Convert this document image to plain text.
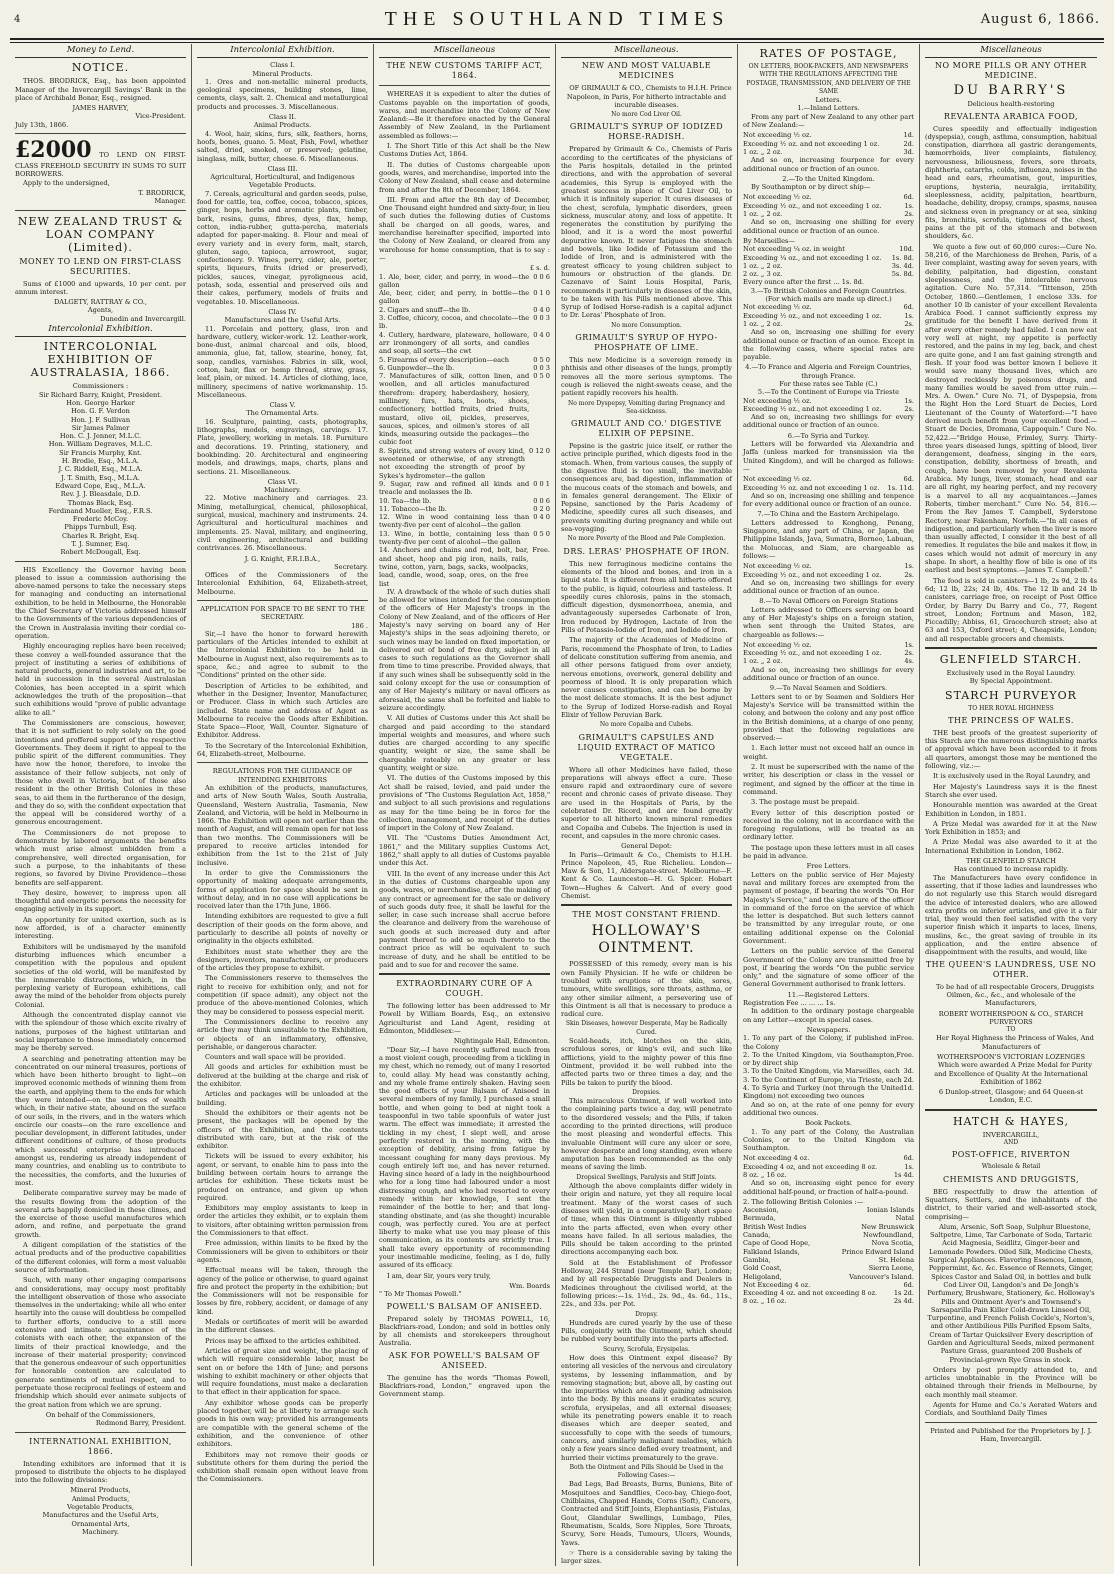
4	THE SOUTHLAND TIMES	August 6, 1866.
Money to Lend.
NOTICE.

THOS. BRODRICK, Esq., has been appointed Manager of the Invercargill Savings' Bank in the place of Archibald Bonar, Esq., resigned.

JAMES HARVEY,
Vice-President.
July 13th, 1866.
£2000 TO LEND ON FIRST-CLASS FREEHOLD SECURITY IN SUMS TO SUIT BORROWERS.

Apply to the undersigned,

T. BRODRICK,
Manager.
NEW ZEALAND TRUST & LOAN COMPANY (Limited).
MONEY TO LEND ON FIRST-CLASS SECURITIES.

Sums of £1000 and upwards, 10 per cent. per annum interest.

DALGETY, RATTRAY & CO.,
Agents,
Dunedin and Invercargill.
Intercolonial Exhibition.
INTERCOLONIAL EXHIBITION OF AUSTRALASIA, 1866.
Commissioners :
Sir Richard Barry, Knight, President.
Hon. George Harker
Hon. G. F. Verdon
Hon. J. F. Sullivan
Sir James Palmer
Hon. C. J. Jenner, M.L.C.
Hon. William Degraves, M.L.C.
Sir Francis Murphy, Knt.
H. Brodie, Esq., M.L.A.
J. C. Riddell, Esq., M.L.A.
J. T. Smith, Esq., M.L.A.
Edward Cope, Esq., M.L.A.
Rev. J. J. Bleasdale, D.D.
Thomas Black, Esq.
Ferdinand Mueller, Esq., F.R.S.
Frederic McCoy.
Phipps Turnbull, Esq.
Charles R. Bright, Esq.
T. J. Sumner, Esq.
Robert McDougall, Esq.

HIS Excellency the Governor having been pleased to issue a commission authorising the above-named persons to take the necessary steps for managing and conducting an international exhibition, to be held in Melbourne, the Honorable the Chief Secretary of Victoria addressed himself to the Governments of the various dependencies of the Crown in Australasia inviting their cordial co-operation.

Highly encouraging replies have been received; these convey a well-founded assurance that the project of instituting a series of exhibitions of natural products, general industries and art, to be held in succession in the several Australasian Colonies, has been accepted in a spirit which acknowledges the truth of the proposition—that such exhibitions would "prove of public advantage alike to all."

The Commissioners are conscious, however, that it is not sufficient to rely solely on the good intentions and proffered support of the respective Governments. They deem it right to appeal to the public spirit of the different communities. They have now the honor, therefore, to invoke the assistance of their fellow subjects, not only of those who dwell in Victoria, but of those also resident in the other British Colonies in these seas, to aid them in the furtherance of the design, and they do so, with the confident expectation that the appeal will be considered worthy of a generous encouragement.

The Commissioners do not propose to demonstrate by labored arguments the benefits which must arise almost unbidden from a comprehensive, well directed organisation, for such a purpose, to the inhabitants of these regions, so favored by Divine Providence—those benefits are self-apparent.

They desire, however, to impress upon all thoughtful and energetic persons the necessity for engaging actively in its support.

An opportunity for united exertion, such as is now afforded, is of a character eminently interesting.

Exhibitors will be undismayed by the manifold disturbing influences which encumber a competition with the populous and opulent societies of the old world, will be manifested by the innumerable distractions, which, in the perplexing variety of European exhibitions, call away the mind of the beholder from objects purely Colonial.

Although the concentrated display cannot vie with the splendour of those which excite rivalry of nations, purposes of the highest utilitarian and social importance to those immediately concerned may be thereby served.

A searching and penetrating attention may be concentrated on our mineral treasures, portions of which have been hitherto brought to light—on improved economic methods of winning them from the earth, and applying them to the ends for which they were intended—on the sources of wealth which, in their native state, abound on the surface of our soils, in the rivers, and in the waters which encircle our coasts—on the rare excellence and peculiar development, in different latitudes, under different conditions of culture, of those products which successful enterprise has introduced amongst us, rendering us already independent of many countries, and enabling us to contribute to the necessities, the comforts, and the luxuries of most.

Deliberate comparative survey may be made of the results flowing from the adoption of the several arts happily domiciled in these climes, and the exercise of those useful manufactures which adorn, and refine, and perpetuate the grand growth.

A diligent compilation of the statistics of the actual products and of the productive capabilities of the different colonies, will form a most valuable source of information.

Such, with many other engaging comparisons and considerations, may occupy most profitably the intelligent observation of those who associate themselves in the undertaking; while all who enter heartily into the cause will doubtless be compelled to further efforts, conducive to a still more extensive and intimate acquaintance of the colonists with each other, the expansion of the limits of their practical knowledge, and the increase of their material prosperity; convinced that the generous endeavour of such opportunities for honorable contention are calculated to generate sentiments of mutual respect, and to perpetuate those reciprocal feelings of esteem and friendship which should ever animate subjects of the great nation from which we are sprung.

On behalf of the Commissioners,
Redmond Barry, President.
INTERNATIONAL EXHIBITION, 1866.

Intending exhibitors are informed that it is proposed to distribute the objects to be displayed into the following divisions:

Mineral Products,
Animal Products,
Vegetable Products,
Manufactures and the Useful Arts,
Ornamental Arts,
Machinery.
Intercolonial Exhibition.
Class I.
Mineral Products.

1. Ores and non-metallic mineral products, geological specimens, building stones, lime, cements, clays, salt. 2. Chemical and metallurgical products and processes. 3. Miscellaneous.

Class II.
Animal Products.

4. Wool, hair, skins, furs, silk, feathers, horns, hoofs, bones, guano. 5. Meat, Fish, Fowl, whether salted, dried, smoked, or preserved; gelatine, isinglass, milk, butter, cheese. 6. Miscellaneous.

Class III.
Agricultural, Horticultural, and Indigenous Vegetable Products.

7. Cereals, agricultural and garden seeds, pulse, food for cattle, tea, coffee, cocoa, tobacco, spices, ginger, hops, herbs and aromatic plants, timber, bark, resins, gums, fibres, dyes, flax, hemp, cotton, india-rubber, gutta-percha, materials adapted for paper-making. 8. Flour and meal of every variety and in every form, malt, starch, gluten, sago, tapioca, arrowroot, sugar, confectionery. 9. Wines, perry, cider, ale, porter, spirits, liqueurs, fruits (dried or preserved), pickles, sauces, vinegar, pyroligneous acid, potash, soda, essential and preserved oils and their cakes, perfumery, models of fruits and vegetables. 10. Miscellaneous.

Class IV.
Manufactures and the Useful Arts.

11. Porcelain and pottery, glass, iron and hardware, cutlery, wicker-work. 12. Leather-work, bone-dust, animal charcoal and oils, blood, ammonia, glue, fat, tallow, stearine, honey, fat, soap, candles, varnishes. Fabrics in silk, wool, cotton, hair, flax or hemp thread, straw, grass, leaf, plain, or mixed. 14. Articles of clothing, lace, millinery, specimens of native workmanship. 15. Miscellaneous.

Class V.
The Ornamental Arts.

16. Sculpture, painting, casts, photographs, lithographs, models, engravings, carvings. 17. Plate, jewellery, working in metals. 18. Furniture and decorations. 19. Printing, stationery, and bookbinding. 20. Architectural and engineering models, and drawings, maps, charts, plans and sections. 21. Miscellaneous.

Class VI.
Machinery.

22. Motive machinery and carriages. 23. Mining, metallurgical, chemical, philosophical, surgical, musical, machinery and instruments. 24. Agricultural and horticultural machines and implements. 25. Naval, military, and engineering, civil engineering, architectural and building contrivances. 26. Miscellaneous.

J. G. Knight, F.R.I.B.A.,
Secretary.

Offices of the Commissioners of the Intercolonial Exhibition, 64, Elizabeth-street, Melbourne.

APPLICATION FOR SPACE TO BE SENT TO THE SECRETARY.
186 .

Sir,—I have the honor to forward herewith particulars of the Articles intended to exhibit at the Intercolonial Exhibition to be held in Melbourne in August next, also requirements as to space, &c.; and agree to submit to the "Conditions" printed on the other side.

Description of Articles to be exhibited, and whether in the Designer, Inventor, Manufacturer, or Producer. Class in which such Articles are included. State name and address of Agent as Melbourne to receive the Goods after Exhibition. State Space—Floor, Wall, Counter. Signature of Exhibitor. Address.

To the Secretary of the Intercolonial Exhibition, 64, Elizabeth-street, Melbourne.

REGULATIONS FOR THE GUIDANCE OF INTENDING EXHIBITORS

An exhibition of the products, manufactures, and arts of New South Wales, South Australia, Queensland, Western Australia, Tasmania, New Zealand, and Victoria, will be held in Melbourne in 1866. The Exhibition will open not earlier than the month of August, and will remain open for not less than two months. The Commissioners will be prepared to receive articles intended for exhibition from the 1st to the 21st of July inclusive.

In order to give the Commissioners the opportunity of making adequate arrangements, forms of application for space should be sent in without delay, and in no case will applications be received later than the 17th June, 1866.

Intending exhibitors are requested to give a full description of their goods on the form above, and particularly to describe all points of novelty or originality in the objects exhibited.

Exhibitors must state whether they are the designers, inventors, manufacturers, or producers of the articles they propose to exhibit.

The Commissioners reserve to themselves the right to receive for exhibition only, and not for competition (if space admit), any object not the produce of the above-mentioned Colonies, which they may be considered to possess especial merit.

The Commissioners decline to receive any article they may think unsuitable to the Exhibition, or objects of an inflammatory, offensive, perishable, or dangerous character.

Counters and wall space will be provided.

All goods and articles for exhibition must be delivered at the building at the charge and risk of the exhibitor.

Articles and packages will be unloaded at the building.

Should the exhibitors or their agents not be present, the packages will be opened by the officers of the Exhibition, and the contents distributed with care, but at the risk of the exhibitor.

Tickets will be issued to every exhibitor, his agent, or servant, to enable him to pass into the building between certain hours to arrange the articles for exhibition. These tickets must be produced on entrance, and given up when required.

Exhibitors may employ assistants to keep in order the articles they exhibit, or to explain them to visitors, after obtaining written permission from the Commissioners to that effect.

Free admission, within limits to be fixed by the Commissioners will be given to exhibitors or their agents.

Effectual means will be taken, through the agency of the police or otherwise, to guard against fire and protect the property in the exhibition; but the Commissioners will not be responsible for losses by fire, robbery, accident, or damage of any kind.

Medals or certificates of merit will be awarded in the different classes.

Prices may be affixed to the articles exhibited.

Articles of great size and weight, the placing of which will require considerable labor, must be sent on or before the 14th of June; and persons wishing to exhibit machinery or other objects that will require foundations, must make a declaration to that effect in their application for space.

Any exhibitor whose goods can be properly placed together, will be at liberty to arrange such goods in his own way; provided his arrangements are compatible with the general scheme of the exhibition, and the convenience of other exhibitors.

Exhibitors may not remove their goods or substitute others for them during the period the exhibition shall remain open without leave from the Commissioners.

Miscellaneous
THE NEW CUSTOMS TARIFF ACT, 1864.

WHEREAS it is expedient to alter the duties of Customs payable on the importation of goods, wares, and merchandise into the Colony of New Zealand:—Be it therefore enacted by the General Assembly of New Zealand, in the Parliament assembled as follows:—

I. The Short Title of this Act shall be the New Customs Duties Act, 1864.

II. The duties of Customs chargeable upon goods, wares, and merchandise, imported into the Colony of New Zealand, shall cease and determine from and after the 8th of December, 1864.

III. From and after the 8th day of December, One Thousand eight hundred and sixty-four, in lieu of such duties the following duties of Customs shall be charged on all goods, wares, and merchandise hereinafter specified, imported into the Colony of New Zealand, or cleared from any warehouse for home consumption, that is to say :—

£ s. d.
1. Ale, beer, cider, and perry, in wood—the gallon
0 0 6
Ale, beer, cider, and perry, in bottle—the gallon
0 1 0
2. Cigars and snuff—the lb.	0 4 0
3. Coffee, chicory, cocoa, and chocolate—the lb.
0 0 3
4. Cutlery, hardware, plateware, holloware, arr ironmongery of all sorts, and candles and soap, all sorts—the cwt
0 4 0
5. Firearms of every description—each	0 5 0
6. Gunpowder—the lb.	0 0 3
7. Manufactures of silk, cotton linen, and woollen, and all articles manufactured therefrom: drapery, haberdashery, hosiery, millinery, furs, hats, boots, shoes, confectionery, bottled fruits, dried fruits, mustard, olive oil, pickles, preserves, sauces, spices, and oilmen's stores of all kinds, measuring outside the packages—the cubic foot
0 5 0
8. Spirits, and strong waters of every kind, sweetened or otherwise, of any strength not exceeding the strength of proof by Sykes's hydrometer—the gallon
0 12 0
9. Sugar, raw and refined all kinds and treacle and molasses the lb.
0 0 1
10. Tea—the lb.	0 0 6
11. Tobacco—the lb.	0 2 0
12. Wine in wood containing less than twenty-five per cent of alcohol—the gallon
0 4 0
13. Wine, in bottle, containing less than twenty-five per cent of alcohol—the gallon
0 5 0
14. Anchors and chains and rod, bolt, bar, and sheet, hoop and pig iron, nails, rails, twine, cotton, yarn, bags, sacks, woolpacks, lead, candle, wood, soap, ores, on the free list
Free.

IV. A drawback of the whole of such duties shall be allowed for wines intended for the consumption of the officers of Her Majesty's troops in the Colony of New Zealand, and of the officers of Her Majesty's navy serving on board any of Her Majesty's ships in the seas adjoining thereto, or such wines may be landed on fixed importation, or delivered out of bond of free duty, subject in all cases to such regulations as the Governor shall from time to time prescribe. Provided always, that if any such wines shall be subsequently sold in the said colony except for the use or consumption of any of Her Majesty's military or naval officers as aforesaid, the same shall be forfeited and liable to seizure accordingly.

V. All duties of Customs under this Act shall be charged and paid according to the standard imperial weights and measures, and where such duties are charged according to any specific quantity, weight or size, the same shall be chargeable rateably on any greater or less quantity, weight or size.

VI. The duties of the Customs imposed by this Act shall be raised, levied, and paid under the provisions of "The Customs Regulation Act, 1858," and subject to all such provisions and regulations as may for the time being be in force for the collection, management, and receipt of the duties of import in the Colony of New Zealand.

VII. The "Customs Duties Amendment Act, 1861," and the Military supplies Customs Act, 1862," shall apply to all duties of Customs payable under this Act.

VIII. In the event of any increase under this Act in the duties of Customs chargeable upon any goods, wares, or merchandise, after the making of any contract or agreement for the sale or delivery of such goods duty free, it shall be lawful for the seller, in case such increase shall accrue before the clearance and delivery from the warehouse of such goods at such increased duty and after payment thereof to add so much thereto to the contract price as will be equivalent to such increase of duty, and he shall be entitled to be paid and to sue for and recover the same.

EXTRAORDINARY CURE OF A COUGH.

The following letter has been addressed to Mr Powell by William Boards, Esq., an extensive Agriculturist and Land Agent, residing at Edmonton, Middlesex:—

Nightingale Hall, Edmonton.

"Dear Sir,—I have recently suffered much from a most violent cough, proceeding from a tickling in my chest, which no remedy, out of many I resorted to, could allay. My head was constantly aching, and my whole frame entirely shaken. Having seen the good effects of your Balsam of Aniseed in several members of my family, I purchased a small bottle, and when going to bed at night took a teaspoonful in two table spoonfuls of water just warm. The effect was immediate; it arrested the tickling in my chest, I slept well, and arose perfectly restored in the morning, with the exception of debility, arising from fatigue by incessant coughing for many days previous. My cough entirely left me, and has never returned. Having since heard of a lady in the neighbourhood who for a long time had laboured under a most distressing cough, and who had resorted to every remedy within her knowledge, I sent the remainder of the bottle to her; and that long-standing obstinate, and (as she thought) incurable cough, was perfectly cured. You are at perfect liberty to make what use you may please of this communication, as its contents are strictly true. I shall take every opportunity of recommending your inestimable medicine, feeling, as I do, fully assured of its efficacy.

I am, dear Sir, yours very truly,

Wm. Boards
" To Mr Thomas Powell."
POWELL'S BALSAM OF ANISEED.

Prepared solely by THOMAS POWELL, 16, Blackfriars-road, London; and sold in bottles only by all chemists and storekeepers throughout Australia.

ASK FOR POWELL'S BALSAM OF ANISEED.

The genuine has the words "Thomas Powell, Blackfriars-road, London," engraved upon the Government stamp.

Miscellaneous.
NEW AND MOST VALUABLE MEDICINES

OF GRIMAULT & CO., Chemists to H.I.H. Prince Napoleon, in Paris, For hitherto intractable and incurable diseases.

No more Cod Liver Oil.
GRIMAULT'S SYRUP OF IODIZED HORSE-RADISH.

Prepared by Grimault & Co., Chemists of Paris according to the certificates of the physicians of the Paris hospitals, detailed in the printed directions, and with the approbation of several academies, this Syrup is employed with the greatest success in place of Cod Liver Oil, to which it is infinitely superior. It cures diseases of the chest, scrofula, lymphatic disorders, green sickness, muscular atony, and loss of appetite. It regenerates the constitution by purifying the blood, and it is a word the most powerful depurative known. It never fatigues the stomach and bowels, like Iodide of Potassium and the Iodide of Iron, and is administered with the greatest efficacy to young children subject to humours or obstruction of the glands. Dr. Cazenave of Saint Louis Hospital, Paris, recommends it particularly in diseases of the skin, to be taken with his Pills mentioned above. This Syrup of Iodised Horse-radish is a capital adjunct to Dr. Leras' Phosphate of Iron.

No more Consumption.
GRIMAULT'S SYRUP OF HYPO-PHOSPHATE OF LIME.

This new Medicine is a sovereign remedy in phthisis and other diseases of the lungs, promptly removes all the more serious symptoms. The cough is relieved the night-sweats cease, and the patient rapidly recovers his health.

No more Dyspepsy, Vomiting during Pregnancy and Sea-sickness.
GRIMAULT AND CO.' DIGESTIVE ELIXIR OF PEPSINE.

Pepsine is the gastric juice itself, or rather the active principle purified, which digests food in the stomach. When, from various causes, the supply of the digestive fluid is too small, the inevitable consequences are, bad digestion, inflammation of the mucous coats of the stomach and bowels, and in females general derangement. The Elixir of Pepsine, sanctioned by the Paris Academy of Medicine, speedily cures all such diseases, and prevents vomiting during pregnancy and while out sea-voyaging.

No more Poverty of the Blood and Pale Complexion.
DRS. LERAS' PHOSPHATE OF IRON.

This new ferruginous medicine contains the elements of the blood and bones, and iron in a liquid state. It is different from all hitherto offered to the public, is liquid, colourless and tasteless. It speedily cures chlorosis, pains in the stomach, difficult digestion, dysmenorrhoea, anemia, and advantageously supersedes Carbonate of Iron, Iron reduced by Hydrogen, Lactate of Iron the Pills of Potassio-Iodide of Iron, and Iodide of Iron.

The majority of the Academies of Medicine of Paris, recommend the Phosphate of Iron, to Ladies of delicate constitution suffering from anemia, and all other persons fatigued from over anxiety, nervous emotions, overwork, general debility and poorness of blood. It is only preparation which never causes constipation, and can be borne by the most delicate stomachs. It is the best adjunct to the Syrup of Iodized Horse-radish and Royal Elixir of Yellow Peruvian Bark.

No more Copaiba and Cubebs.
GRIMAULT'S CAPSULES AND LIQUID EXTRACT OF MATICO VEGETALE.

Where all other Medicines have failed, these preparations will always effect a cure. These ensure rapid and extraordinary cure of severe recent and chronic cases of private disease. They are used in the Hospitals of Paris, by the celebrated Dr. Ricord, and are found greatly superior to all hitherto known mineral remedies and Copaiba and Cubebs. The Injection is used in recent, and capsules in the more chronic cases.

General Depot:

In Paris—Grimault & Co., Chemists to H.I.H. Prince Napoleon, 45, Rue Richelieu. London—Maw & Son, 11, Aldersgate-street. Melbourne—F. Kent & Co. Launceston—H. G. Spicer. Hobart Town—Hughes & Calvert. And of every good Chemist.

THE MOST CONSTANT FRIEND.
HOLLOWAY'S OINTMENT.

POSSESSED of this remedy, every man is his own Family Physician. If he wife or children be troubled with eruptions of the skin, sores, tumours, white swellings, sore throats, asthma, or any other similar ailment, a persevering use of this Ointment is all that is necessary to produce a radical cure.

Skin Diseases, however Desperate, May be Radically Cured.

Scald-heads, itch, blotches on the skin, scrofulous sores, or king's evil, and such like afflictions, yield to the mighty power of this fine Ointment, provided it be well rubbed into the affected parts two or three times a day, and the Pills be taken to purify the blood.

Dropsies.

This miraculous Ointment, if well worked into the complaining parts twice a day, will penetrate to the disordered vessels; and the Pills, if taken according to the printed directions, will produce the most pleasing and wonderful effects. This invaluable Ointment will cure any ulcer or sore, however desperate and long standing, even where amputation has been recommended as the only means of saving the limb.

Dropsical Swellings, Paralysis and Stiff Joints.

Although the above complaints differ widely in their origin and nature, yet they all require local treatment. Many of the worst cases of such diseases will yield, in a comparatively short space of time, when this Ointment is diligently rubbed into the parts affected, even when every other means have failed. In all serious maladies, the Pills should be taken according to the printed directions accompanying each box.

Sold at the Establishment of Professor Holloway, 244 Strand (near Temple Bar), London; and by all respectable Druggists and Dealers in Medicines throughout the civilised world, at the following prices:—1s. 1½d., 2s. 9d., 4s. 6d., 11s., 22s., and 33s. per Pot.

Dropsy.

Hundreds are cured yearly by the use of these Pills, conjointly with the Ointment, which should be rubbed very bountifully into the parts affected.

Scurvy, Scrofula, Erysipelas.

How does this Ointment expel disease? By entering all vesicles of the nervous and circulatory systems, by lessening inflammation, and by removing stagnation; but, above all, by casting out the impurities which are daily gaining admission into the body. By this means it eradicates scurvy, scrofula, erysipelas, and all external diseases; while its penetrating powers enable it to reach diseases which are deeper seated, and successfully to cope with the seeds of tumours, cancers, and similarly malignant maladies, which only a few years since defied every treatment, and hurried their victims prematurely to the grave.

Both the Ointment and Pills Should be Used in the Following Cases:—

Bad Legs, Bad Breasts, Burns, Bunions, Bite of Mosquitoes and Sandflies, Coco-bay, Chiego-foot, Chilblains, Chapped Hands, Corns (Soft), Cancers, Contracted and Stiff Joints, Elephantiasis, Fistulas, Gout, Glandular Swellings, Lumbago, Piles, Rheumatism, Scalds, Sore Nipples, Sore Throats, Scurvy, Sore Heads, Tumours, Ulcers, Wounds, Yaws.

☞ There is a considerable saving by taking the larger sizes.

RATES OF POSTAGE,
ON LETTERS, BOOK-PACKETS, AND NEWSPAPERS WITH THE REGULATIONS AFFECTING THE POSTAGE, TRANSMISSION, AND DELIVERY OF THE SAME
Letters.
1.—Inland Letters.

From any part of New Zealand to any other part of New Zealand:—

Not exceeding ½ oz.	1d.
Exceeding ½ oz. and not exceeding 1 oz.	2d.
1 oz. „ 2 oz.	3d.

And so on, increasing fourpence for every additional ounce or fraction of an ounce.

2.—To the United Kingdom.

By Southampton or by direct ship—

Not exceeding ½ oz.	6d.
Exceeding ½ oz., and not exceeding 1 oz.	1s.
1 oz. „ 2 oz.	2s.

And so on, increasing one shilling for every additional ounce or fraction of an ounce.

By Marseilles—
Not exceeding ¼ oz. in weight	10d.
Exceeding ¼ oz., and not exceeding 1 oz. 1s. 8d.
1 oz. „ 2 oz.	3s. 4d.
2 oz. „ 3 oz.	5s. 8d.
Every ounce after the first ... 1s. 8d.
3.—To British Colonies and Foreign Countries.
(For which mails are made up direct.)
Not exceeding ½ oz.	6d.
Exceeding ½ oz., and not exceeding 1 oz.	1s.
1 oz. „ 2 oz.	2s.

And so on, increasing one shilling for every additional ounce or fraction of an ounce. Except in the following cases, where special rates are payable.

4.—To France and Algeria and Foreign Countries, through France.
For these rates see Table (C.)
5.—To the Continent of Europe via Trieste
Not exceeding ½ oz.	1s.
Exceeding ½ oz., and not exceeding 1 oz.	2s.

And so on, increasing two shillings for every additional ounce or fraction of an ounce.

6.—To Syria and Turkey.

Letters will be forwarded via Alexandria and Jaffa (unless marked for transmission via the United Kingdom), and will be charged as follows:—

Not exceeding ½ oz.	6d.
Exceeding ½ oz. and not exceeding 1 oz. 1s. 11d.

And so on, increasing one shilling and tenpence for every additional ounce or fraction of an ounce.

7.—To China and the Eastern Archipelago.

Letters addressed to Konghong, Penang, Singapore, and any part of China, or Japan, the Philippine Islands, Java, Sumatra, Borneo, Labuan, the Moluccas, and Siam, are chargeable as follows:—

Not exceeding ½ oz.	1s.
Exceeding ½ oz., and not exceeding 1 oz.	2s.

And so on, increasing two shillings for every additional ounce or fraction of an ounce.

8.—To Naval Officers on Foreign Stations

Letters addressed to Officers serving on board any of Her Majesty's ships on a foreign station, when sent through the United States, are chargeable as follows:—

Not exceeding ½ oz.	1s.
Exceeding ½ oz., and not exceeding 1 oz.	2s.
1 oz. „ 2 oz.	4s.

And so on, increasing two shillings for every additional ounce or fraction of an ounce.

9.—To Naval Seamen and Soldiers.

Letters sent to or by Seamen and Soldiers Her Majesty's Service will be transmitted within the colony, and between the colony and any post office in the British dominions, at a charge of one penny, provided that the following regulations are observed:—

1. Each letter must not exceed half an ounce in weight.

2. It must be superscribed with the name of the writer, his description or class in the vessel or regiment, and signed by the officer at the time in command.

3. The postage must be prepaid.

Every letter of this description posted or received in the colony, not in accordance with the foregoing regulations, will be treated as an ordinary letter.

The postage upon these letters must in all cases be paid in advance.

Free Letters.

Letters on the public service of Her Majesty naval and military forces are exempted from the payment of postage, if bearing the words "On Her Majesty's Service," and the signature of the officer in command of the force on the service of which the letter is despatched. But such letters cannot be transmitted by any irregular route, or one entailing additional expense on the Colonial Government.

Letters on the public service of the General Government of the Colony are transmitted free by post, if bearing the words "On the public service only," and the signature of some officer of the General Government authorised to frank letters.

11.—Registered Letters.
Registration Fee ... ... ... 1s.

In addition to the ordinary postage chargeable on any Letter—except in special cases.

Newspapers.
1. To any part of the Colony, if published in the Colony
Free.
2. To the United Kingdom, via Southampton, or by direct ship
Free.
3. To the United Kingdom, via Marseilles, each 3d.
3. To the Continent of Europe, via Trieste, each 2d.
4. To Syria and Turkey (not through the United Kingdom) not exceeding two ounces
1d.

And so on, at the rate of one penny for every additional two ounces.

Book Packets.

1. To any part of the Colony, the Australian Colonies, or to the United Kingdom via Southampton.

Not exceeding 4 oz.	6d.
Exceeding 4 oz, and not exceeding 8 oz.	1s.
8 oz. „ 16 oz.	1s 4d.

And so on, increasing eight pence for every additional half-pound, or fraction of half-a-pound.

2. The following British Colonies :—
Ascension,	Ionian Islands
Bermuda,	Natal
British West Indies	New Brunswick
Canada,	Newfoundland,
Cape of Good Hope,	Nova Scotia,
Falkland Islands,	Prince Edward Island
Gambia,	St. Helena
Gold Coast,	Sierra Leone,
Heligoland,	Vancouver's Island.
Not Exceeding 4 oz.	6d.
Exceeding 4 oz. and not exceeding 8 oz.	1s 2d.
8 oz. „ 16 oz.	2s 4d.
Miscellaneous
NO MORE PILLS OR ANY OTHER MEDICINE.
DU BARRY'S
Delicious health-restoring
REVALENTA ARABICA FOOD,

Cures speedily and effectually indigestion (dyspepsia), cough, asthma, consumption, habitual constipation, diarrhœa all gastric derangements, hæmorrhoids, liver complaints, flatulency, nervousness, biliousness, fevers, sore throats, diphtheria, catarrhs, colds, influenza, noises in the head and ears, rheumatism, gout, impurities, eruptions, hysteria, neuralgia, irritability, sleeplessness, acidity, palpitation, heartburn, headache, debility, dropsy, cramps, spasms, nausea and sickness even in pregnancy or at sea, sinking fits, bronchitis, scrofula, tightness of the chest, pains at the pit of the stomach and between shoulders, &c.

We quote a few out of 60,000 cures:—Cure No. 58,216, of the Marchioness de Brehen, Paris, of a liver complaint, wasting away for seven years, with debility, palpitation, bad digestion, constant sleeplessness, and the intolerable nervous agitation. Cure No. 57,314. "Tittenson, 25th October, 1860.—Gentlemen, I enclose 33s. for another 10 lb canister of your excellent Revalenta Arabica Food. I cannot sufficiently express my gratitude for the benefit I have derived from it after every other remedy had failed. I can now eat very well at night, my appetite is perfectly restored, and the pains in my leg, back, and chest are quite gone, and I am fast gaining strength and flesh. If your food was better known I believe it would save many thousand lives, which are destroyed recklessly by poisonous drugs, and many families would be saved from utter ruin.—Mrs. A. Owen." Cure No. 71, of Dyspepsia, from the Right Hon the Lord Stuart de Decies, Lord Lieutenant of the County of Waterford:—"I have derived much benefit from your excellent food.—Stuart de Decies, Dromana, Cappoquin." Cure No. 52,422.—"Bridge House, Frimley, Surry. Thirty-three years diseased lungs, spitting of blood, liver derangement, deafness, singing in the ears, constipation, debility, shortness of breath, and cough, have been removed by your Revalenta Arabica. My lungs, liver, stomach, head and ear are all right, my hearing perfect, and my recovery is a marvel to all my acquaintances.—James Roberts, timber merchant." Cure No. 54, 816.—From the Rev James T. Campbell, Syderstone Rectory, near Fakenham, Norfolk.—"In all cases of indigestion, and particularly when the liver is more than usually affected, I consider it the best of all remedies. It regulates the bile and makes it flow, in cases which would not admit of mercury in any shape. In short, a healthy flow of bile is one of its earliest and best symptoms.—James T. Campbell."

The food is sold in canisters—1 lb, 2s 9d, 2 lb 4s 6d; 12 lb, 22s; 24 lb, 40s. The 12 lb and 24 lb canisters, carriage free, on receipt of Post Office Order, by Barry Du Barry and Co., 77, Regent street, London; Fortnum and Mason, 182, Piccadilly; Abbiss, 61, Gracechurch street; also at 63 and 153, Oxford street; 4, Cheapside, London; and all respectable grocers and chemists.

GLENFIELD STARCH.
Exclusively used in the Royal Laundry.
By Special Appointment.
STARCH PURVEYOR
TO HER ROYAL HIGHNESS
THE PRINCESS OF WALES.

THE best proofs of the greatest superiority of this Starch are the numerous distinguishing marks of approval which have been accorded to it from all quarters, amongst those may be mentioned the following, viz.:—

It is exclusively used in the Royal Laundry, and

Her Majesty's Laundress says it is the finest Starch she ever used.

Honourable mention was awarded at the Great Exhibition in London, in 1851.

A Prize Medal was awarded for it at the New York Exhibition in 1853; and

A Prize Medal was also awarded to it at the International Exhibition in London, 1862.

THE GLENFIELD STARCH
Has continued to increase rapidly.

The Manufacturers have every confidence in asserting, that if those ladies and laundresses who do not regularly use this Starch would disregard the advice of interested dealers, who are allowed extra profits on inferior articles, and give it a fair trial, they would then feel satisfied with the very superior finish which it imparts to laces, linens, muslins, &c., the great saving of trouble in its application, and the entire absence of disappointment with the results, and would, like

THE QUEEN'S LAUNDRESS, USE NO OTHER.

To be had of all respectable Grocers, Druggists Oilmen, &c., &c., and wholesale of the Manufacturers,

ROBERT WOTHERSPOON & CO., STARCH PURVEYORS
TO

Her Royal Highness the Princess of Wales, And Manufacturers of

WOTHERSPOON'S VICTORIAN LOZENGES

Which were awarded A Prize Medal for Purity and Excellence of Quality At the International Exhibition of 1862

6 Dunlop-street, Glasgow; and 64 Queen-st London, E.C.
HATCH & HAYES,
INVERCARGILL,
AND
POST-OFFICE, RIVERTON
Wholesale & Retail
CHEMISTS AND DRUGGISTS,

BEG respectfully to draw the attention of Squatters, Settlers, and the inhabitants of the district, to their varied and well-assorted stock, comprising—

Alum, Arsenic, Soft Soap, Sulphur Bluestone, Saltpetre, Lime, Tar Carbonate of Soda, Tartaric Acid Magnesia, Seidlitz, Ginger-beer and Lemonade Powders. Oiled Silk, Medicine Chests, Surgical Appliances. Flavoring Essences, Lemon, Peppermint, &c. &c. Essence of Rennets, Ginger, Spices Castor and Salad Oil, in bottles and bulk Cod Liver Oil, Langdon's and De Jongh's Perfumery, Brushware, Stationery, &c. Holloway's Pills and Ointment Ayer's and Townsend's Sarsaparilla Pain Killer Cold-drawn Linseed Oil, Turpentine, and French Polish Cockle's, Norton's, and other Antibilious Pills Purified Epsom Salts, Cream of Tartar Quicksilver Every description of Garden and Agricultural Seeds, mixed permanent Pasture Grass, guaranteed 200 Bushels of Provincial-grown Rye Grass in stock.

Orders by post promptly attended to, and articles unobtainable in the Province will be obtained through their friends in Melbourne, by each monthly mail steamer.

Agents for Hume and Co.'s Aerated Waters and Cordials, and Southland Daily Times

Printed and Published for the Proprietors by J. J. Ham, Invercargill.
